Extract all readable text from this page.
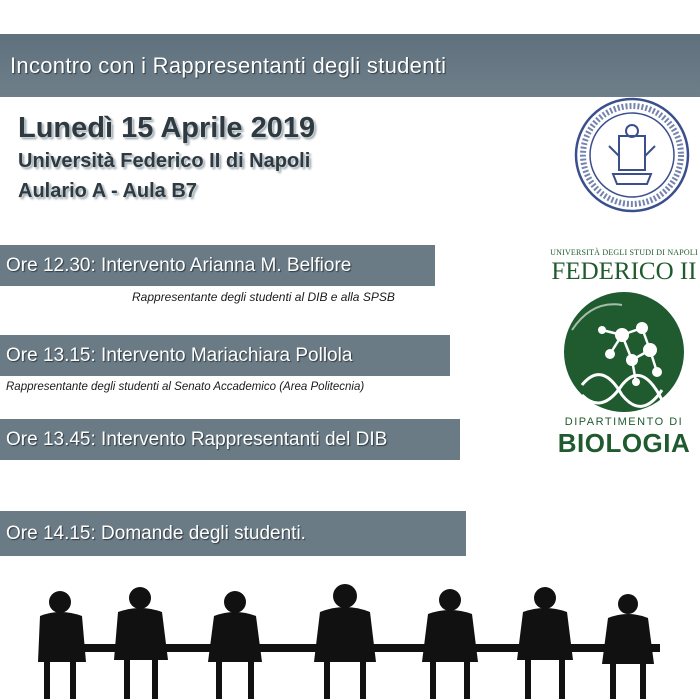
Incontro con i Rappresentanti degli studenti
Lunedì 15 Aprile 2019
Università Federico II di Napoli
Aulario A - Aula B7
Ore 12.30: Intervento Arianna M. Belfiore
Rappresentante degli studenti al DIB e alla SPSB
Ore 13.15: Intervento Mariachiara Pollola
Rappresentante degli studenti al Senato Accademico (Area Politecnia)
Ore 13.45: Intervento Rappresentanti del DIB
Ore 14.15: Domande degli studenti.
UNIVERSITÀ DEGLI STUDI DI NAPOLI
FEDERICO II
DIPARTIMENTO DI
BIOLOGIA
